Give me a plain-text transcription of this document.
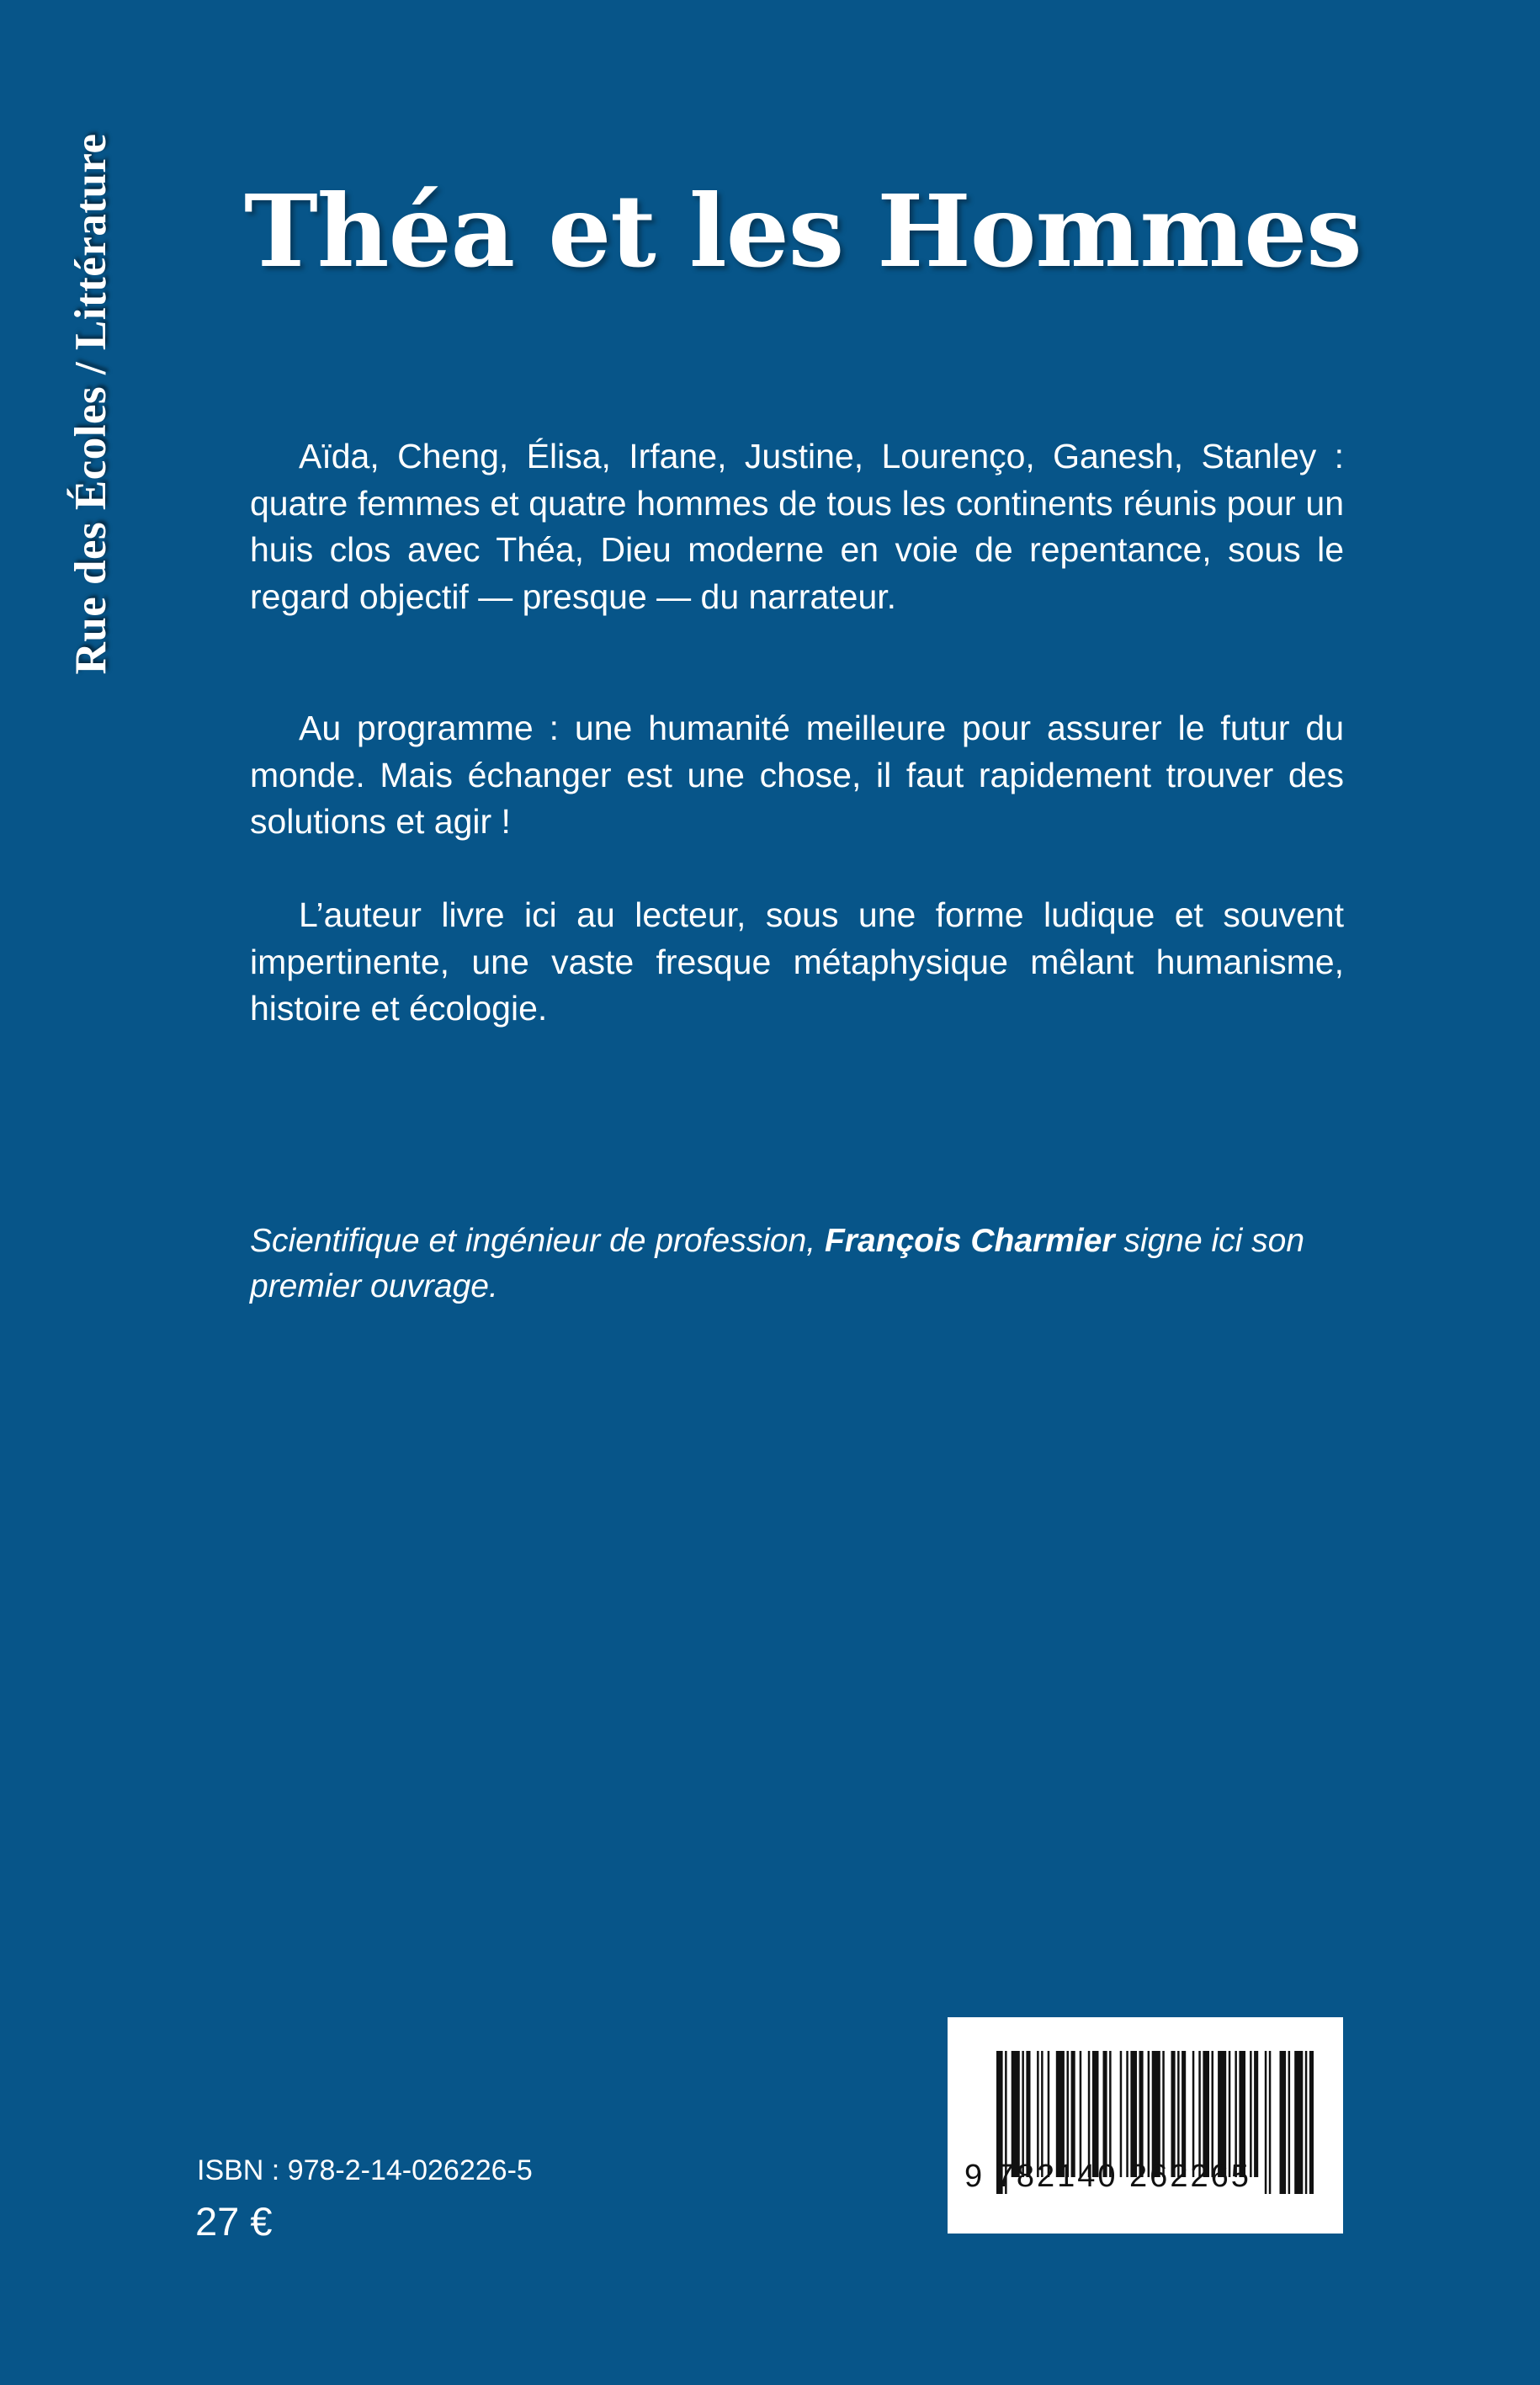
Rue des Écoles / Littérature Théa et les Hommes

Aïda, Cheng, Élisa, Irfane, Justine, Lourenço, Ganesh, Stanley : quatre femmes et quatre hommes de tous les continents réunis pour un huis clos avec Théa, Dieu moderne en voie de repentance, sous le regard objectif — presque — du narrateur.

Au programme : une humanité meilleure pour assurer le futur du monde. Mais échanger est une chose, il faut rapidement trouver des solutions et agir !

L’auteur livre ici au lecteur, sous une forme ludique et souvent impertinente, une vaste fresque métaphysique mêlant humanisme, histoire et écologie.

Scientifique et ingénieur de profession, François Charmier signe ici son premier ouvrage.

ISBN : 978-2-14-026226-5
27 €
9 782140 262265
